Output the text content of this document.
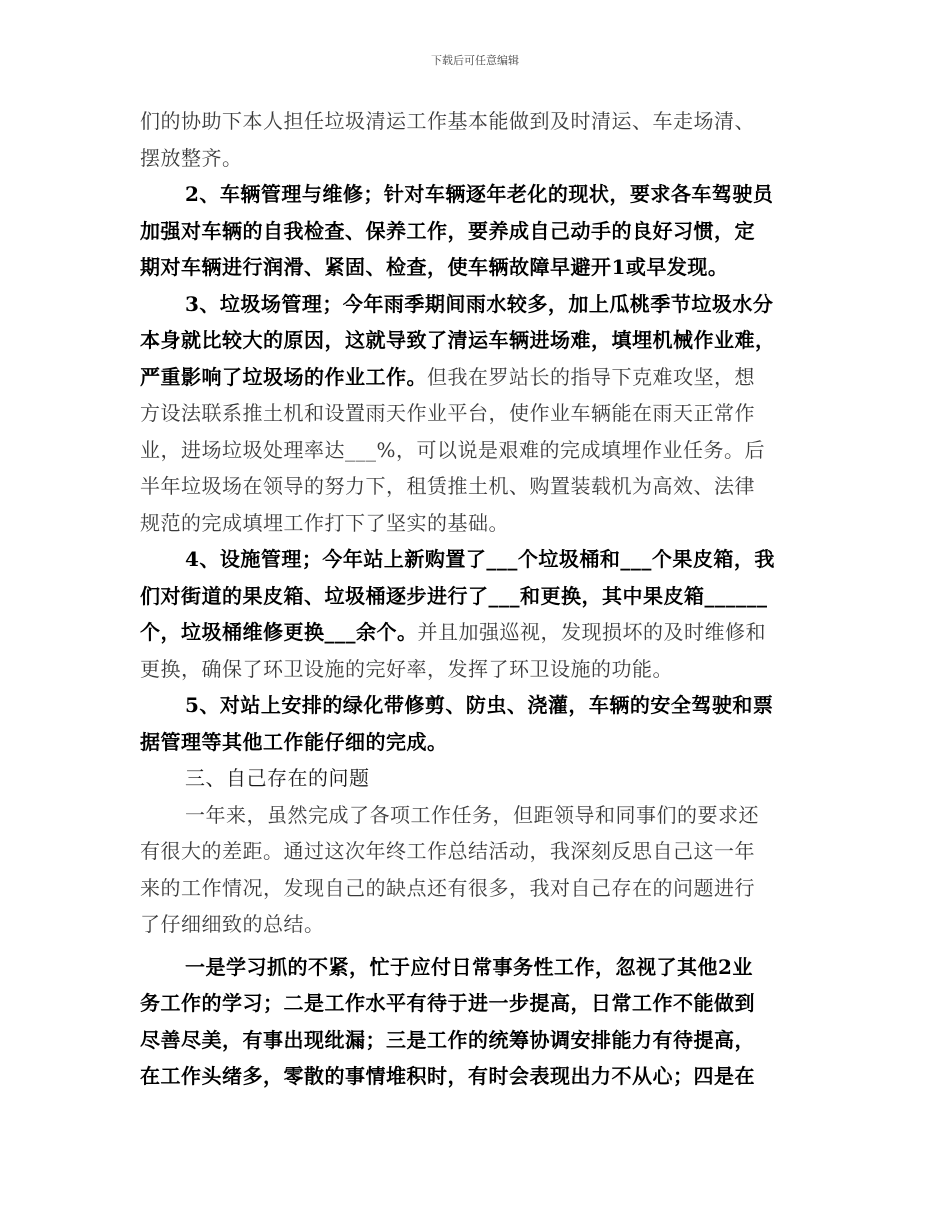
下载后可任意编辑
们的协助下本人担任垃圾清运工作基本能做到及时清运、车走场清、
摆放整齐。
2、车辆管理与维修；针对车辆逐年老化的现状，要求各车驾驶员
加强对车辆的自我检查、保养工作，要养成自己动手的良好习惯，定
期对车辆进行润滑、紧固、检查，使车辆故障早避开1或早发现。
3、垃圾场管理；今年雨季期间雨水较多，加上瓜桃季节垃圾水分
本身就比较大的原因，这就导致了清运车辆进场难，填埋机械作业难，
严重影响了垃圾场的作业工作。但我在罗站长的指导下克难攻坚，想
方设法联系推土机和设置雨天作业平台，使作业车辆能在雨天正常作
业，进场垃圾处理率达___%，可以说是艰难的完成填埋作业任务。后
半年垃圾场在领导的努力下，租赁推土机、购置装载机为高效、法律
规范的完成填埋工作打下了坚实的基础。
4、设施管理；今年站上新购置了___个垃圾桶和___个果皮箱，我
们对街道的果皮箱、垃圾桶逐步进行了___和更换，其中果皮箱______
个，垃圾桶维修更换___余个。并且加强巡视，发现损坏的及时维修和
更换，确保了环卫设施的完好率，发挥了环卫设施的功能。
5、对站上安排的绿化带修剪、防虫、浇灌，车辆的安全驾驶和票
据管理等其他工作能仔细的完成。
三、自己存在的问题
一年来，虽然完成了各项工作任务，但距领导和同事们的要求还
有很大的差距。通过这次年终工作总结活动，我深刻反思自己这一年
来的工作情况，发现自己的缺点还有很多，我对自己存在的问题进行
了仔细细致的总结。
一是学习抓的不紧，忙于应付日常事务性工作，忽视了其他2业
务工作的学习；二是工作水平有待于进一步提高，日常工作不能做到
尽善尽美，有事出现纰漏；三是工作的统筹协调安排能力有待提高，
在工作头绪多，零散的事情堆积时，有时会表现出力不从心；四是在
